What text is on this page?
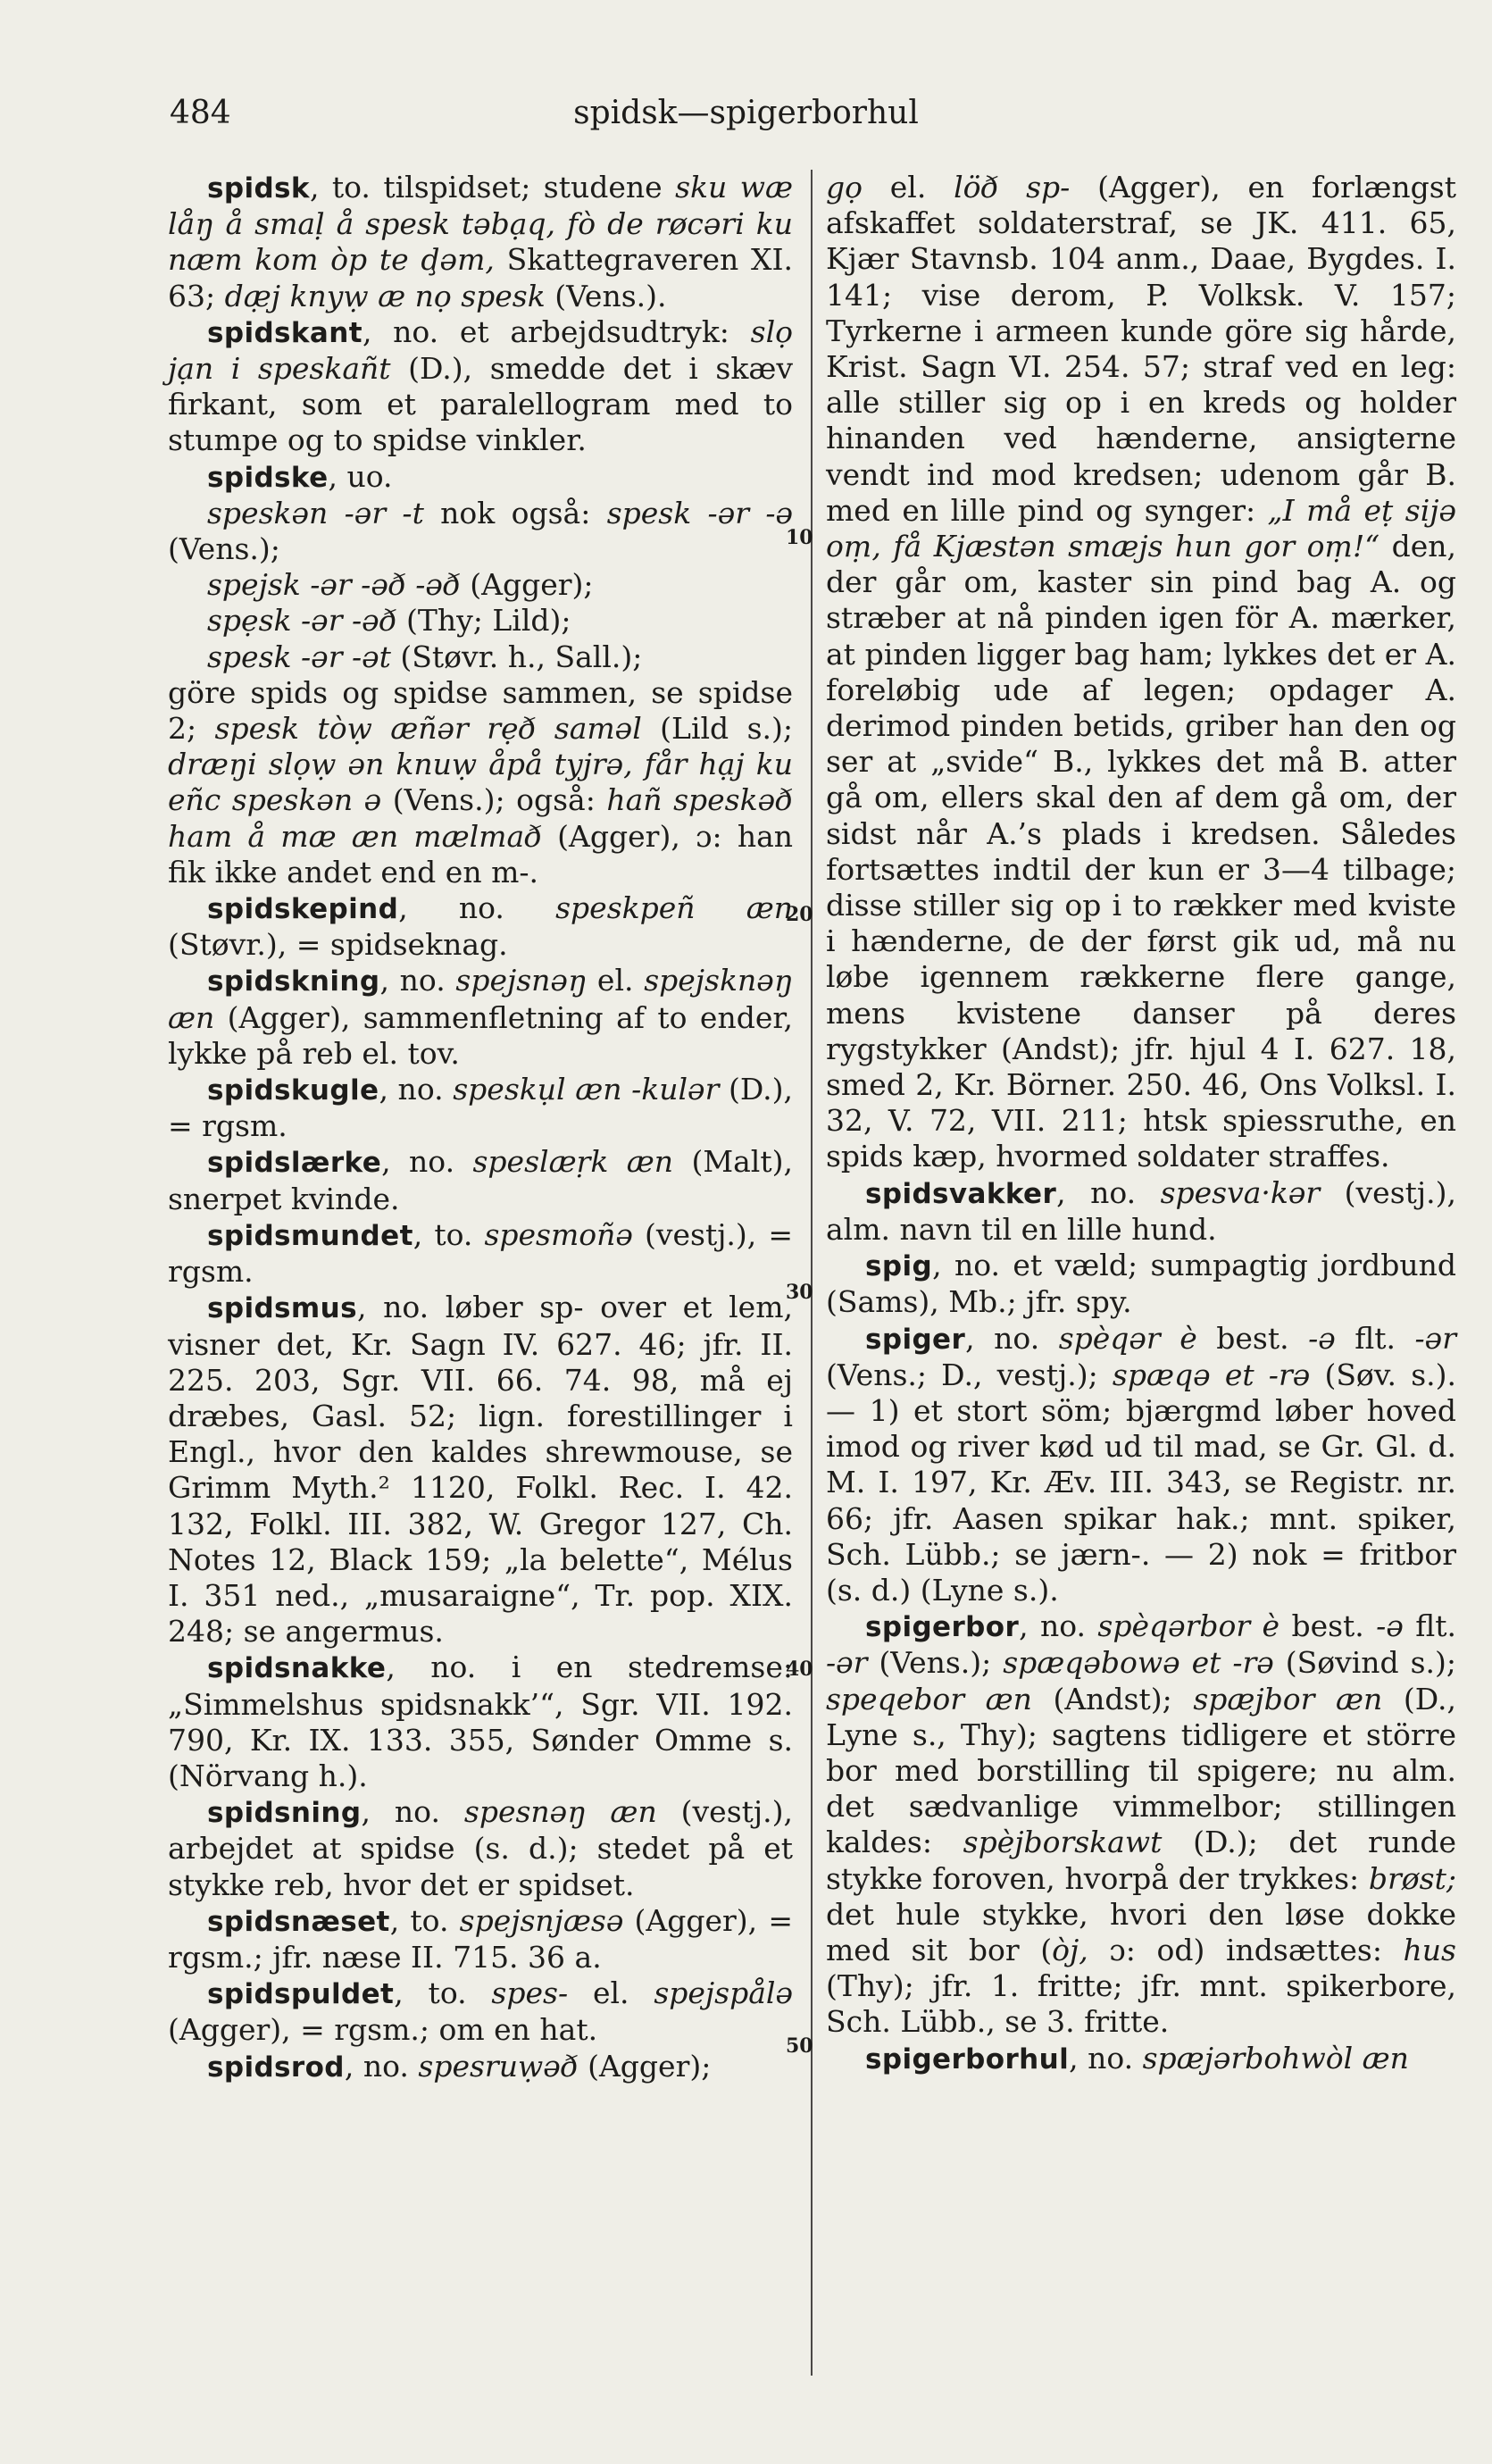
484	spidsk—spigerborhul

spidsk, to. tilspidset; studene sku wæ låŋ å smaḷ å spesk təbạq, fò de røcəri ku næm kom òp te ḑəm, Skattegraveren XI. 63; dæ̣j knyẉ æ nọ spesk (Vens.).

spidskant, no. et arbejdsudtryk: slọ jạn i speskañt (D.), smedde det i skæv firkant, som et paralellogram med to stumpe og to spidse vinkler.

spidske, uo.

speskən -ər -t nok også: spesk -ər -ə (Vens.);

spejsk -ər -əð -əð (Agger);

spẹsk -ər -əð (Thy; Lild);

spesk -ər -ət (Støvr. h., Sall.);

göre spids og spidse sammen, se spidse 2; spesk tòẉ æñər rẹð saməl (Lild s.); dræŋi slọẉ ən knuẉ åpå tyjrə, får hạj ku eñc speskən ə (Vens.); også: hañ speskəð ham å mæ æn mælmað (Agger), ɔ: han fik ikke andet end en m-.

spidskepind, no. speskpeñ æn (Støvr.), = spidseknag.

spidskning, no. spejsnəŋ el. spejsknəŋ æn (Agger), sammenfletning af to ender, lykke på reb el. tov.

spidskugle, no. speskụl æn -kulər (D.), = rgsm.

spidslærke, no. speslæṛk æn (Malt), snerpet kvinde.

spidsmundet, to. spesmoñə (vestj.), = rgsm.

spidsmus, no. løber sp- over et lem, visner det, Kr. Sagn IV. 627. 46; jfr. II. 225. 203, Sgr. VII. 66. 74. 98, må ej dræbes, Gasl. 52; lign. forestillinger i Engl., hvor den kaldes shrewmouse, se Grimm Myth.² 1120, Folkl. Rec. I. 42. 132, Folkl. III. 382, W. Gregor 127, Ch. Notes 12, Black 159; „la belette“, Mélus I. 351 ned., „musaraigne“, Tr. pop. XIX. 248; se angermus.

spidsnakke, no. i en stedremse: „Simmelshus spidsnakk’“, Sgr. VII. 192. 790, Kr. IX. 133. 355, Sønder Omme s. (Nörvang h.).

spidsning, no. spesnəŋ æn (vestj.), arbejdet at spidse (s. d.); stedet på et stykke reb, hvor det er spidset.

spidsnæset, to. spejsnjæsə (Agger), = rgsm.; jfr. næse II. 715. 36 a.

spidspuldet, to. spes- el. spejspålə (Agger), = rgsm.; om en hat.

spidsrod, no. spesruẉəð (Agger);

gọ el. löð sp- (Agger), en forlængst afskaffet soldaterstraf, se JK. 411. 65, Kjær Stavnsb. 104 anm., Daae, Bygdes. I. 141; vise derom, P. Volksk. V. 157; Tyrkerne i armeen kunde göre sig hårde, Krist. Sagn VI. 254. 57; straf ved en leg: alle stiller sig op i en kreds og holder hinanden ved hænderne, ansigterne vendt ind mod kredsen; udenom går B. med en lille pind og synger: „I må eṭ sijə oṃ, få Kjæstən smæjs hun gor oṃ!“ den, der går om, kaster sin pind bag A. og stræber at nå pinden igen för A. mærker, at pinden ligger bag ham; lykkes det er A. foreløbig ude af legen; opdager A. derimod pinden betids, griber han den og ser at „svide“ B., lykkes det må B. atter gå om, ellers skal den af dem gå om, der sidst når A.’s plads i kredsen. Således fortsættes indtil der kun er 3—4 tilbage; disse stiller sig op i to rækker med kviste i hænderne, de der først gik ud, må nu løbe igennem rækkerne flere gange, mens kvistene danser på deres rygstykker (Andst); jfr. hjul 4 I. 627. 18, smed 2, Kr. Börner. 250. 46, Ons Volksl. I. 32, V. 72, VII. 211; htsk spiessruthe, en spids kæp, hvormed soldater straffes.

spidsvakker, no. spesva·kər (vestj.), alm. navn til en lille hund.

spig, no. et væld; sumpagtig jordbund (Sams), Mb.; jfr. spy.

spiger, no. spèqər è best. -ə flt. -ər (Vens.; D., vestj.); spæqə et -rə (Søv. s.). — 1) et stort söm; bjærgmd løber hoved imod og river kød ud til mad, se Gr. Gl. d. M. I. 197, Kr. Æv. III. 343, se Registr. nr. 66; jfr. Aasen spikar hak.; mnt. spiker, Sch. Lübb.; se jærn-. — 2) nok = fritbor (s. d.) (Lyne s.).

spigerbor, no. spèqərbor è best. -ə flt. -ər (Vens.); spæqəbowə et -rə (Søvind s.); speqebor æn (Andst); spæjbor æn (D., Lyne s., Thy); sagtens tidligere et större bor med borstilling til spigere; nu alm. det sædvanlige vimmelbor; stillingen kaldes: spèjborskawt (D.); det runde stykke foroven, hvorpå der trykkes: brøst; det hule stykke, hvori den løse dokke med sit bor (òj, ɔ: od) indsættes: hus (Thy); jfr. 1. fritte; jfr. mnt. spikerbore, Sch. Lübb., se 3. fritte.

spigerborhul, no. spæjərbohwòl æn

10
20
30
40
50
